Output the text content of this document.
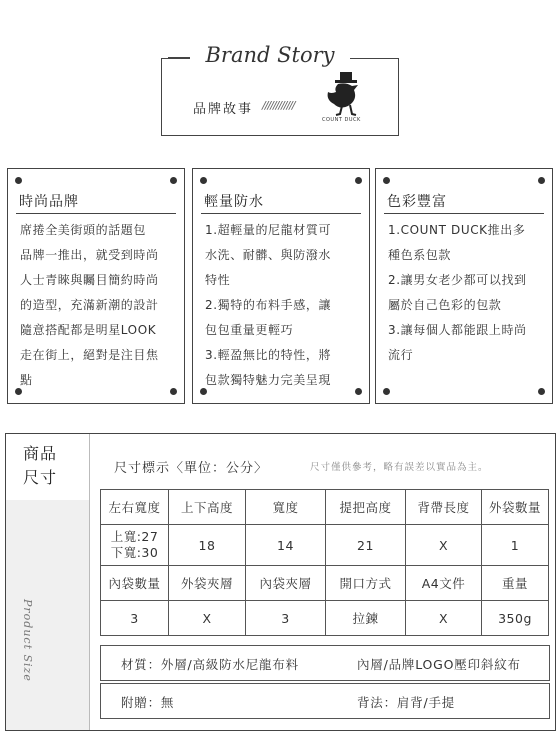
Brand Story
品牌故事 ////////////
COUNT DUCK
時尚品牌
席捲全美街頭的話題包
品牌一推出，就受到時尚
人士青睞與矚目簡約時尚
的造型，充滿新潮的設計
隨意搭配都是明星LOOK
走在街上，絕對是注目焦
點
輕量防水
1.超輕量的尼龍材質可
水洗、耐髒、與防潑水
特性
2.獨特的布料手感，讓
包包重量更輕巧
3.輕盈無比的特性，將
包款獨特魅力完美呈現
色彩豐富
1.COUNT DUCK推出多
種色系包款
2.讓男女老少都可以找到
屬於自己色彩的包款
3.讓每個人都能跟上時尚
流行
商品
尺寸
Product Size
尺寸標示〈單位：公分〉	尺寸僅供參考，略有誤差以實品為主。
左右寬度	上下高度	寬度	提把高度	背帶長度	外袋數量
上寬:27
下寬:30	18	14	21	X	1
內袋數量	外袋夾層	內袋夾層	開口方式	A4文件	重量
3	X	3	拉鍊	X	350g
材質：外層/高級防水尼龍布料	內層/品牌LOGO壓印斜紋布
附贈：無	背法：肩背/手提
